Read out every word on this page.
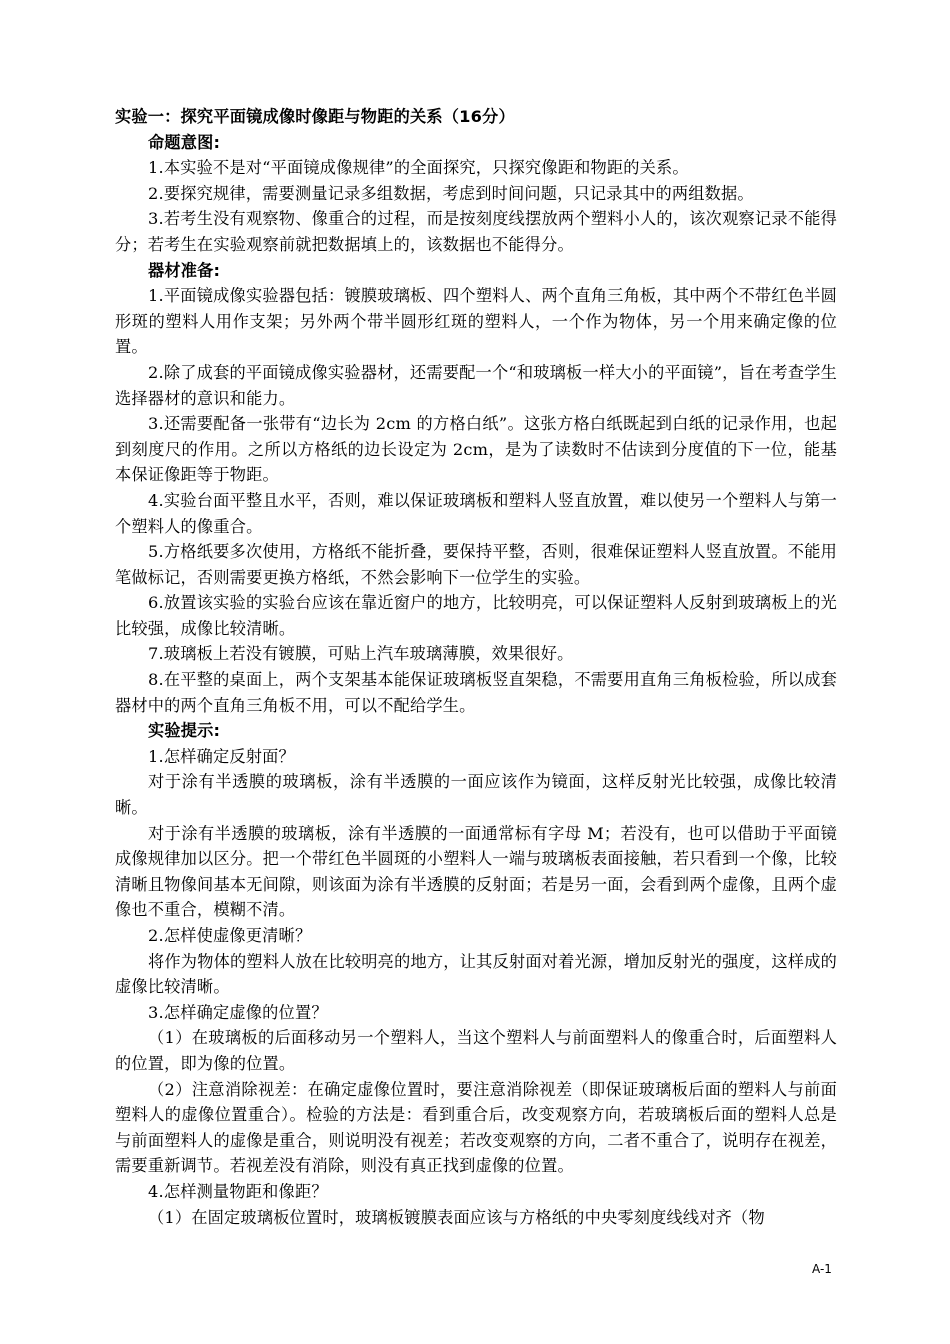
实验一：探究平面镜成像时像距与物距的关系（16分）

命题意图:

1.本实验不是对“平面镜成像规律”的全面探究，只探究像距和物距的关系。

2.要探究规律，需要测量记录多组数据，考虑到时间问题，只记录其中的两组数据。

3.若考生没有观察物、像重合的过程，而是按刻度线摆放两个塑料小人的，该次观察记录不能得分；若考生在实验观察前就把数据填上的，该数据也不能得分。

器材准备:

1.平面镜成像实验器包括：镀膜玻璃板、四个塑料人、两个直角三角板，其中两个不带红色半圆形斑的塑料人用作支架；另外两个带半圆形红斑的塑料人，一个作为物体，另一个用来确定像的位置。

2.除了成套的平面镜成像实验器材，还需要配一个“和玻璃板一样大小的平面镜”，旨在考查学生选择器材的意识和能力。

3.还需要配备一张带有“边长为 2cm 的方格白纸”。这张方格白纸既起到白纸的记录作用，也起到刻度尺的作用。之所以方格纸的边长设定为 2cm，是为了读数时不估读到分度值的下一位，能基本保证像距等于物距。

4.实验台面平整且水平，否则，难以保证玻璃板和塑料人竖直放置，难以使另一个塑料人与第一个塑料人的像重合。

5.方格纸要多次使用，方格纸不能折叠，要保持平整，否则，很难保证塑料人竖直放置。不能用笔做标记，否则需要更换方格纸，不然会影响下一位学生的实验。

6.放置该实验的实验台应该在靠近窗户的地方，比较明亮，可以保证塑料人反射到玻璃板上的光比较强，成像比较清晰。

7.玻璃板上若没有镀膜，可贴上汽车玻璃薄膜，效果很好。

8.在平整的桌面上，两个支架基本能保证玻璃板竖直架稳，不需要用直角三角板检验，所以成套器材中的两个直角三角板不用，可以不配给学生。

实验提示:

1.怎样确定反射面？

对于涂有半透膜的玻璃板，涂有半透膜的一面应该作为镜面，这样反射光比较强，成像比较清晰。

对于涂有半透膜的玻璃板，涂有半透膜的一面通常标有字母 M；若没有，也可以借助于平面镜成像规律加以区分。把一个带红色半圆斑的小塑料人一端与玻璃板表面接触，若只看到一个像，比较清晰且物像间基本无间隙，则该面为涂有半透膜的反射面；若是另一面，会看到两个虚像，且两个虚像也不重合，模糊不清。

2.怎样使虚像更清晰？

将作为物体的塑料人放在比较明亮的地方，让其反射面对着光源，增加反射光的强度，这样成的虚像比较清晰。

3.怎样确定虚像的位置？

（1）在玻璃板的后面移动另一个塑料人，当这个塑料人与前面塑料人的像重合时，后面塑料人的位置，即为像的位置。

（2）注意消除视差：在确定虚像位置时，要注意消除视差（即保证玻璃板后面的塑料人与前面塑料人的虚像位置重合）。检验的方法是：看到重合后，改变观察方向，若玻璃板后面的塑料人总是与前面塑料人的虚像是重合，则说明没有视差；若改变观察的方向，二者不重合了，说明存在视差，需要重新调节。若视差没有消除，则没有真正找到虚像的位置。

4.怎样测量物距和像距？

（1）在固定玻璃板位置时，玻璃板镀膜表面应该与方格纸的中央零刻度线线对齐（物

A-1
